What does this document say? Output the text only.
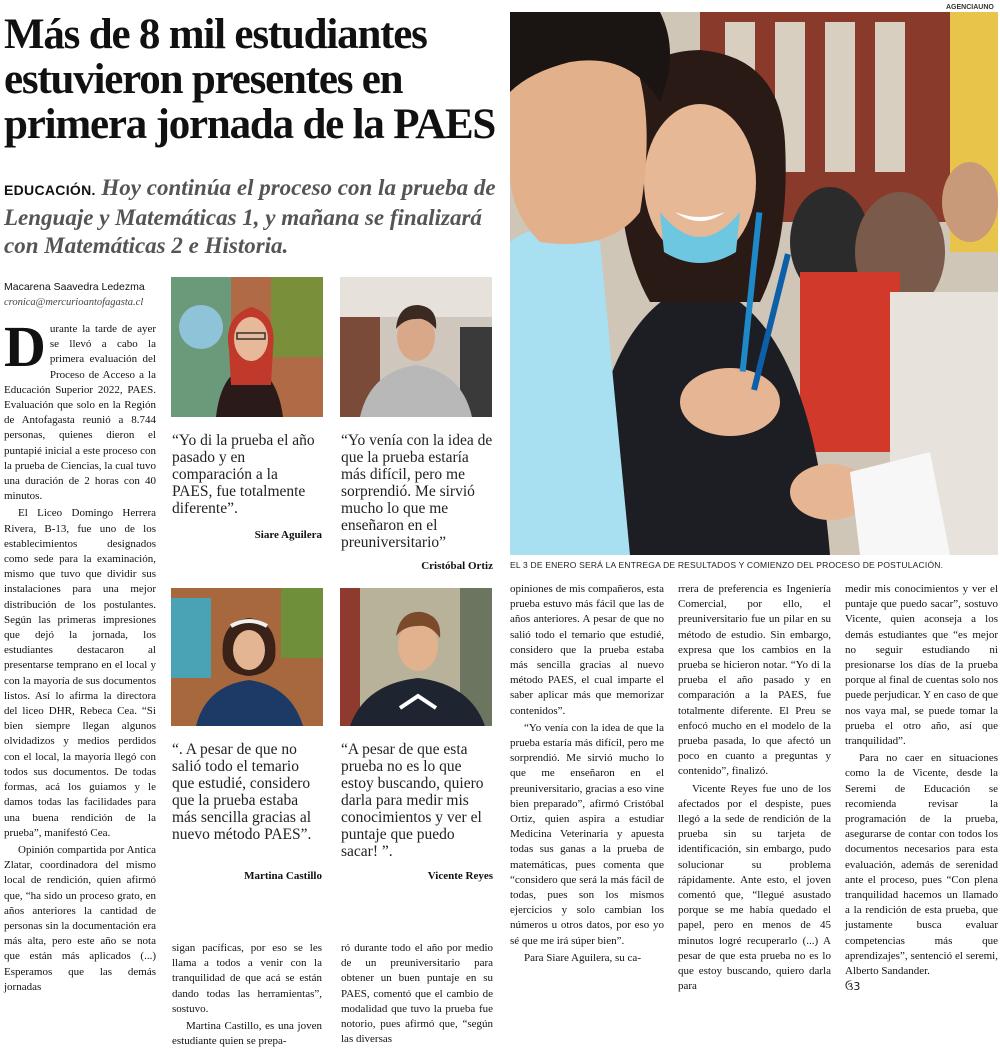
Más de 8 mil estudiantes
estuvieron presentes en
primera jornada de la PAES
EDUCACIÓN. Hoy continúa el proceso con la prueba de Lenguaje y Matemáticas 1, y mañana se finalizará con Matemáticas 2 e Historia.
Macarena Saavedra Ledezma
cronica@mercurioantofagasta.cl

Durante la tarde de ayer se llevó a cabo la primera evaluación del Proceso de Acceso a la Educación Superior 2022, PAES. Evaluación que solo en la Región de Antofagasta reunió a 8.744 personas, quienes dieron el puntapié inicial a este proceso con la prueba de Ciencias, la cual tuvo una duración de 2 horas con 40 minutos.

El Liceo Domingo Herrera Rivera, B-13, fue uno de los establecimientos designados como sede para la examinación, mismo que tuvo que dividir sus instalaciones para una mejor distribución de los postulantes. Según las primeras impresiones que dejó la jornada, los estudiantes destacaron al presentarse temprano en el local y con la mayoría de sus documentos listos. Así lo afirma la directora del liceo DHR, Rebeca Cea. “Si bien siempre llegan algunos olvidadizos y medios perdidos con el local, la mayoría llegó con todos sus documentos. De todas formas, acá los guiamos y le damos todas las facilidades para una buena rendición de la prueba”, manifestó Cea.

Opinión compartida por Antica Zlatar, coordinadora del mismo local de rendición, quien afirmó que, “ha sido un proceso grato, en años anteriores la cantidad de personas sin la documentación era más alta, pero este año se nota que están más aplicados (...) Esperamos que las demás jornadas

“Yo di la prueba el año pasado y en comparación a la PAES, fue totalmente diferente”.
Siare Aguilera
“Yo venía con la idea de que la prueba estaría más difícil, pero me sorprendió. Me sirvió mucho lo que me enseñaron en el preuniversitario”
Cristóbal Ortiz
“. A pesar de que no salió todo el temario que estudié, considero que la prueba estaba más sencilla gracias al nuevo método PAES”.
Martina Castillo
“A pesar de que esta prueba no es lo que estoy buscando, quiero darla para medir mis conocimientos y ver el puntaje que puedo sacar! ”.
Vicente Reyes

sigan pacíficas, por eso se les llama a todos a venir con la tranquilidad de que acá se están dando todas las herramientas”, sostuvo.

Martina Castillo, es una joven estudiante quien se prepa-

ró durante todo el año por medio de un preuniversitario para obtener un buen puntaje en su PAES, comentó que el cambio de modalidad que tuvo la prueba fue notorio, pues afirmó que, “según las diversas

AGENCIAUNO
EL 3 DE ENERO SERÁ LA ENTREGA DE RESULTADOS Y COMIENZO DEL PROCESO DE POSTULACIÓN.

opiniones de mis compañeros, esta prueba estuvo más fácil que las de años anteriores. A pesar de que no salió todo el temario que estudié, considero que la prueba estaba más sencilla gracias al nuevo método PAES, el cual imparte el saber aplicar más que memorizar contenidos”.

“Yo venía con la idea de que la prueba estaría más difícil, pero me sorprendió. Me sirvió mucho lo que me enseñaron en el preuniversitario, gracias a eso vine bien preparado”, afirmó Cristóbal Ortiz, quien aspira a estudiar Medicina Veterinaria y apuesta todas sus ganas a la prueba de matemáticas, pues comenta que “considero que será la más fácil de todas, pues son los mismos ejercicios y solo cambian los números u otros datos, por eso yo sé que me irá súper bien”.

Para Siare Aguilera, su ca-

rrera de preferencia es Ingeniería Comercial, por ello, el preuniversitario fue un pilar en su método de estudio. Sin embargo, expresa que los cambios en la prueba se hicieron notar. “Yo di la prueba el año pasado y en comparación a la PAES, fue totalmente diferente. El Preu se enfocó mucho en el modelo de la prueba pasada, lo que afectó un poco en cuanto a preguntas y contenido”, finalizó.

Vicente Reyes fue uno de los afectados por el despiste, pues llegó a la sede de rendición de la prueba sin su tarjeta de identificación, sin embargo, pudo solucionar su problema rápidamente. Ante esto, el joven comentó que, “llegué asustado porque se me había quedado el papel, pero en menos de 45 minutos logré recuperarlo (...) A pesar de que esta prueba no es lo que estoy buscando, quiero darla para

medir mis conocimientos y ver el puntaje que puedo sacar”, sostuvo Vicente, quien aconseja a los demás estudiantes que “es mejor no seguir estudiando ni presionarse los días de la prueba porque al final de cuentas solo nos puede perjudicar. Y en caso de que nos vaya mal, se puede tomar la prueba el otro año, así que tranquilidad”.

Para no caer en situaciones como la de Vicente, desde la Seremi de Educación se recomienda revisar la programación de la prueba, asegurarse de contar con todos los documentos necesarios para esta evaluación, además de serenidad ante el proceso, pues “Con plena tranquilidad hacemos un llamado a la rendición de esta prueba, que justamente busca evaluar competencias más que aprendizajes”, sentenció el seremi, Alberto Sandander.

ઉ3
